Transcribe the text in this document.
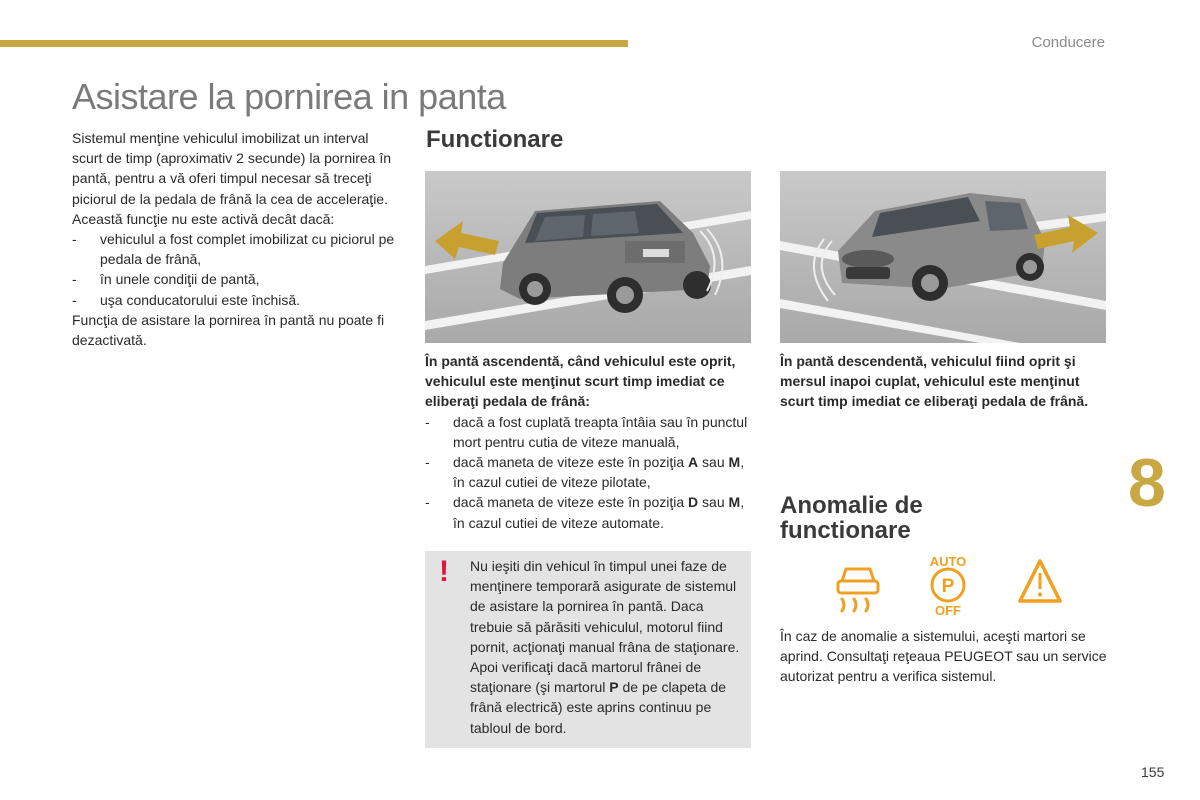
Conducere
Asistare la pornirea in panta

Sistemul menţine vehiculul imobilizat un interval scurt de timp (aproximativ 2 secunde) la pornirea în pantă, pentru a vă oferi timpul necesar să treceţi piciorul de la pedala de frână la cea de acceleraţie.

Această funcţie nu este activă decât dacă:

-	vehiculul a fost complet imobilizat cu piciorul pe pedala de frână,
-	în unele condiţii de pantă,
-	uşa conducatorului este închisă.

Funcţia de asistare la pornirea în pantă nu poate fi dezactivată.

Functionare
În pantă ascendentă, când vehiculul este oprit, vehiculul este menţinut scurt timp imediat ce eliberaţi pedala de frână:
-	dacă a fost cuplată treapta întâia sau în punctul mort pentru cutia de viteze manuală,
-	dacă maneta de viteze este în poziţia A sau M, în cazul cutiei de viteze pilotate,
-	dacă maneta de viteze este în poziţia D sau M, în cazul cutiei de viteze automate.
În pantă descendentă, vehiculul fiind oprit şi mersul inapoi cuplat, vehiculul este menţinut scurt timp imediat ce eliberaţi pedala de frână.
! Nu ieşiti din vehicul în timpul unei faze de menţinere temporară asigurate de sistemul de asistare la pornirea în pantă. Daca trebuie să părăsiti vehiculul, motorul fiind pornit, acţionaţi manual frâna de staţionare. Apoi verificaţi dacă martorul frânei de staţionare (şi martorul P de pe clapeta de frână electrică) este aprins continuu pe tabloul de bord.
Anomalie de
functionare
8
AUTO
P
OFF
În caz de anomalie a sistemului, aceşti martori se aprind. Consultaţi reţeaua PEUGEOT sau un service autorizat pentru a verifica sistemul.
155
